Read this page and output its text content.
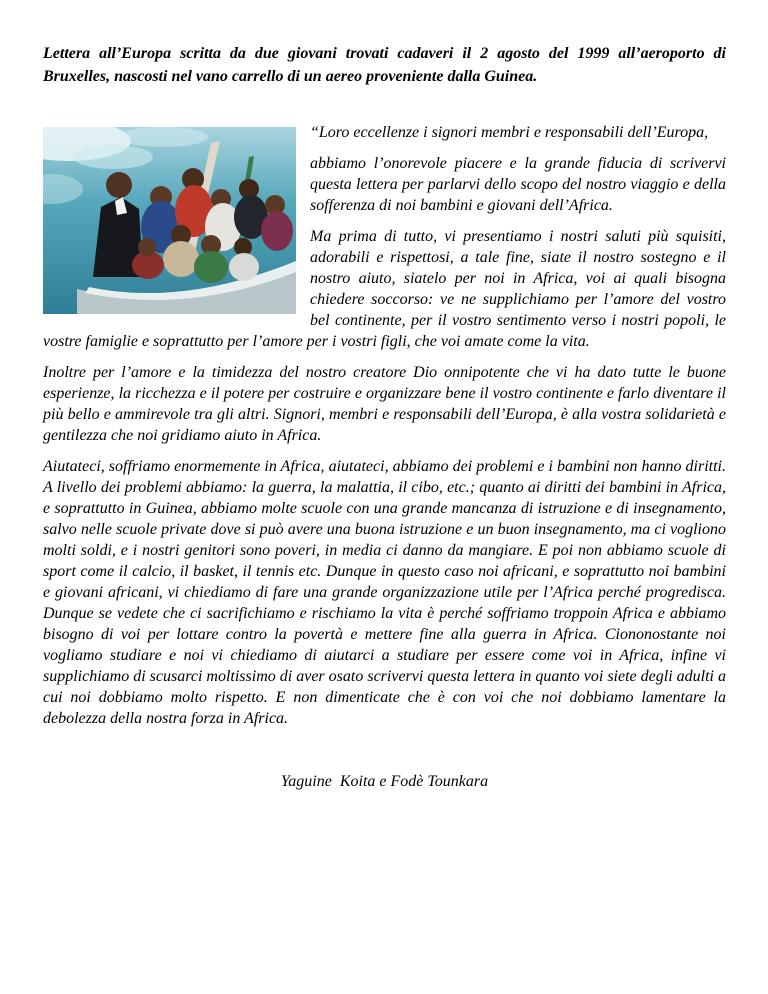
Lettera all’Europa scritta da due giovani trovati cadaveri il 2 agosto del 1999 all’aeroporto di Bruxelles, nascosti nel vano carrello di un aereo proveniente dalla Guinea.

“Loro eccellenze i signori membri e responsabili dell’Europa,

abbiamo l’onorevole piacere e la grande fiducia di scrivervi questa lettera per parlarvi dello scopo del nostro viaggio e della sofferenza di noi bambini e giovani dell’Africa.

Ma prima di tutto, vi presentiamo i nostri saluti più squisiti, adorabili e rispettosi, a tale fine, siate il nostro sostegno e il nostro aiuto, siatelo per noi in Africa, voi ai quali bisogna chiedere soccorso: ve ne supplichiamo per l’amore del vostro bel continente, per il vostro sentimento verso i nostri popoli, le vostre famiglie e soprattutto per l’amore per i vostri figli, che voi amate come la vita.

Inoltre per l’amore e la timidezza del nostro creatore Dio onnipotente che vi ha dato tutte le buone esperienze, la ricchezza e il potere per costruire e organizzare bene il vostro continente e farlo diventare il più bello e ammirevole tra gli altri. Signori, membri e responsabili dell’Europa, è alla vostra solidarietà e gentilezza che noi gridiamo aiuto in Africa.

Aiutateci, soffriamo enormemente in Africa, aiutateci, abbiamo dei problemi e i bambini non hanno diritti. A livello dei problemi abbiamo: la guerra, la malattia, il cibo, etc.; quanto ai diritti dei bambini in Africa, e soprattutto in Guinea, abbiamo molte scuole con una grande mancanza di istruzione e di insegnamento, salvo nelle scuole private dove si può avere una buona istruzione e un buon insegnamento, ma ci vogliono molti soldi, e i nostri genitori sono poveri, in media ci danno da mangiare. E poi non abbiamo scuole di sport come il calcio, il basket, il tennis etc. Dunque in questo caso noi africani, e soprattutto noi bambini e giovani africani, vi chiediamo di fare una grande organizzazione utile per l’Africa perché progredisca. Dunque se vedete che ci sacrifichiamo e rischiamo la vita è perché soffriamo troppoin Africa e abbiamo bisogno di voi per lottare contro la povertà e mettere fine alla guerra in Africa. Ciononostante noi vogliamo studiare e noi vi chiediamo di aiutarci a studiare per essere come voi in Africa, infine vi supplichiamo di scusarci moltissimo di aver osato scrivervi questa lettera in quanto voi siete degli adulti a cui noi dobbiamo molto rispetto. E non dimenticate che è con voi che noi dobbiamo lamentare la debolezza della nostra forza in Africa.

Yaguine  Koita e Fodè Tounkara
